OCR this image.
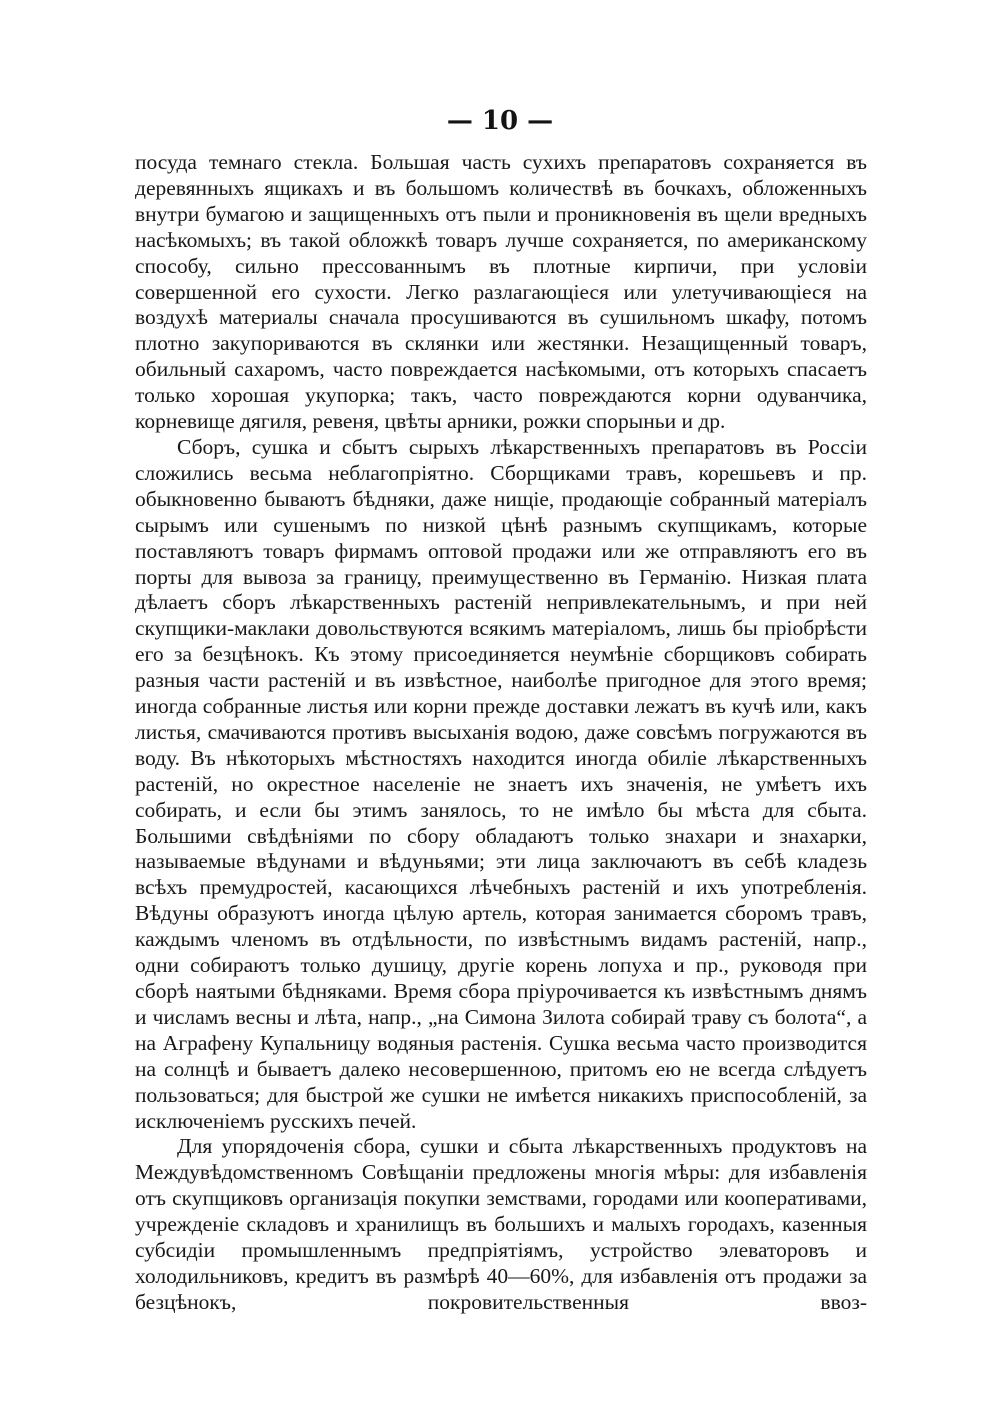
— 10 —

посуда темнаго стекла. Большая часть сухихъ препаратовъ сохраняется въ деревянныхъ ящикахъ и въ большомъ количествѣ въ бочкахъ, обложенныхъ внутри бумагою и защищенныхъ отъ пыли и проникновенія въ щели вредныхъ насѣкомыхъ; въ такой обложкѣ товаръ лучше сохраняется, по американскому способу, сильно прессованнымъ въ плотные кирпичи, при условіи совершенной его сухости. Легко разлагающіеся или улетучивающіеся на воздухѣ материалы сначала просушиваются въ сушильномъ шкафу, потомъ плотно закупориваются въ склянки или жестянки. Незащищенный товаръ, обильный сахаромъ, часто повреждается насѣкомыми, отъ которыхъ спасаетъ только хорошая укупорка; такъ, часто повреждаются корни одуванчика, корневище дягиля, ревеня, цвѣты арники, рожки спорыньи и др.

Сборъ, сушка и сбытъ сырыхъ лѣкарственныхъ препаратовъ въ Россіи сложились весьма неблагопріятно. Сборщиками травъ, корешьевъ и пр. обыкновенно бываютъ бѣдняки, даже нищіе, продающіе собранный матеріалъ сырымъ или сушенымъ по низкой цѣнѣ разнымъ скупщикамъ, которые поставляютъ товаръ фирмамъ оптовой продажи или же отправляютъ его въ порты для вывоза за границу, преимущественно въ Германію. Низкая плата дѣлаетъ сборъ лѣкарственныхъ растеній непривлекательнымъ, и при ней скупщики-маклаки довольствуются всякимъ матеріаломъ, лишь бы пріобрѣсти его за безцѣнокъ. Къ этому присоединяется неумѣніе сборщиковъ собирать разныя части растеній и въ извѣстное, наиболѣе пригодное для этого время; иногда собранные листья или корни прежде доставки лежатъ въ кучѣ или, какъ листья, смачиваются противъ высыханія водою, даже совсѣмъ погружаются въ воду. Въ нѣкоторыхъ мѣстностяхъ находится иногда обиліе лѣкарственныхъ растеній, но окрестное населеніе не знаетъ ихъ значенія, не умѣетъ ихъ собирать, и если бы этимъ занялось, то не имѣло бы мѣста для сбыта. Большими свѣдѣніями по сбору обладаютъ только знахари и знахарки, называемые вѣдунами и вѣдуньями; эти лица заключаютъ въ себѣ кладезь всѣхъ премудростей, касающихся лѣчебныхъ растеній и ихъ употребленія. Вѣдуны образуютъ иногда цѣлую артель, которая занимается сборомъ травъ, каждымъ членомъ въ отдѣльности, по извѣстнымъ видамъ растеній, напр., одни собираютъ только душицу, другіе корень лопуха и пр., руководя при сборѣ наятыми бѣдняками. Время сбора пріурочивается къ извѣстнымъ днямъ и числамъ весны и лѣта, напр., „на Симона Зилота собирай траву съ болота“, а на Аграфену Купальницу водяныя растенія. Сушка весьма часто производится на солнцѣ и бываетъ далеко несовершенною, притомъ ею не всегда слѣдуетъ пользоваться; для быстрой же сушки не имѣется никакихъ приспособленій, за исключеніемъ русскихъ печей.

Для упорядоченія сбора, сушки и сбыта лѣкарственныхъ продуктовъ на Междувѣдомственномъ Совѣщаніи предложены многія мѣры: для избавленія отъ скупщиковъ организація покупки земствами, городами или кооперативами, учрежденіе складовъ и хранилищъ въ большихъ и малыхъ городахъ, казенныя субсидіи промышленнымъ предпріятіямъ, устройство элеваторовъ и холодильниковъ, кредитъ въ размѣрѣ 40—60%, для избавленія отъ продажи за безцѣнокъ, покровительственныя ввоз-
